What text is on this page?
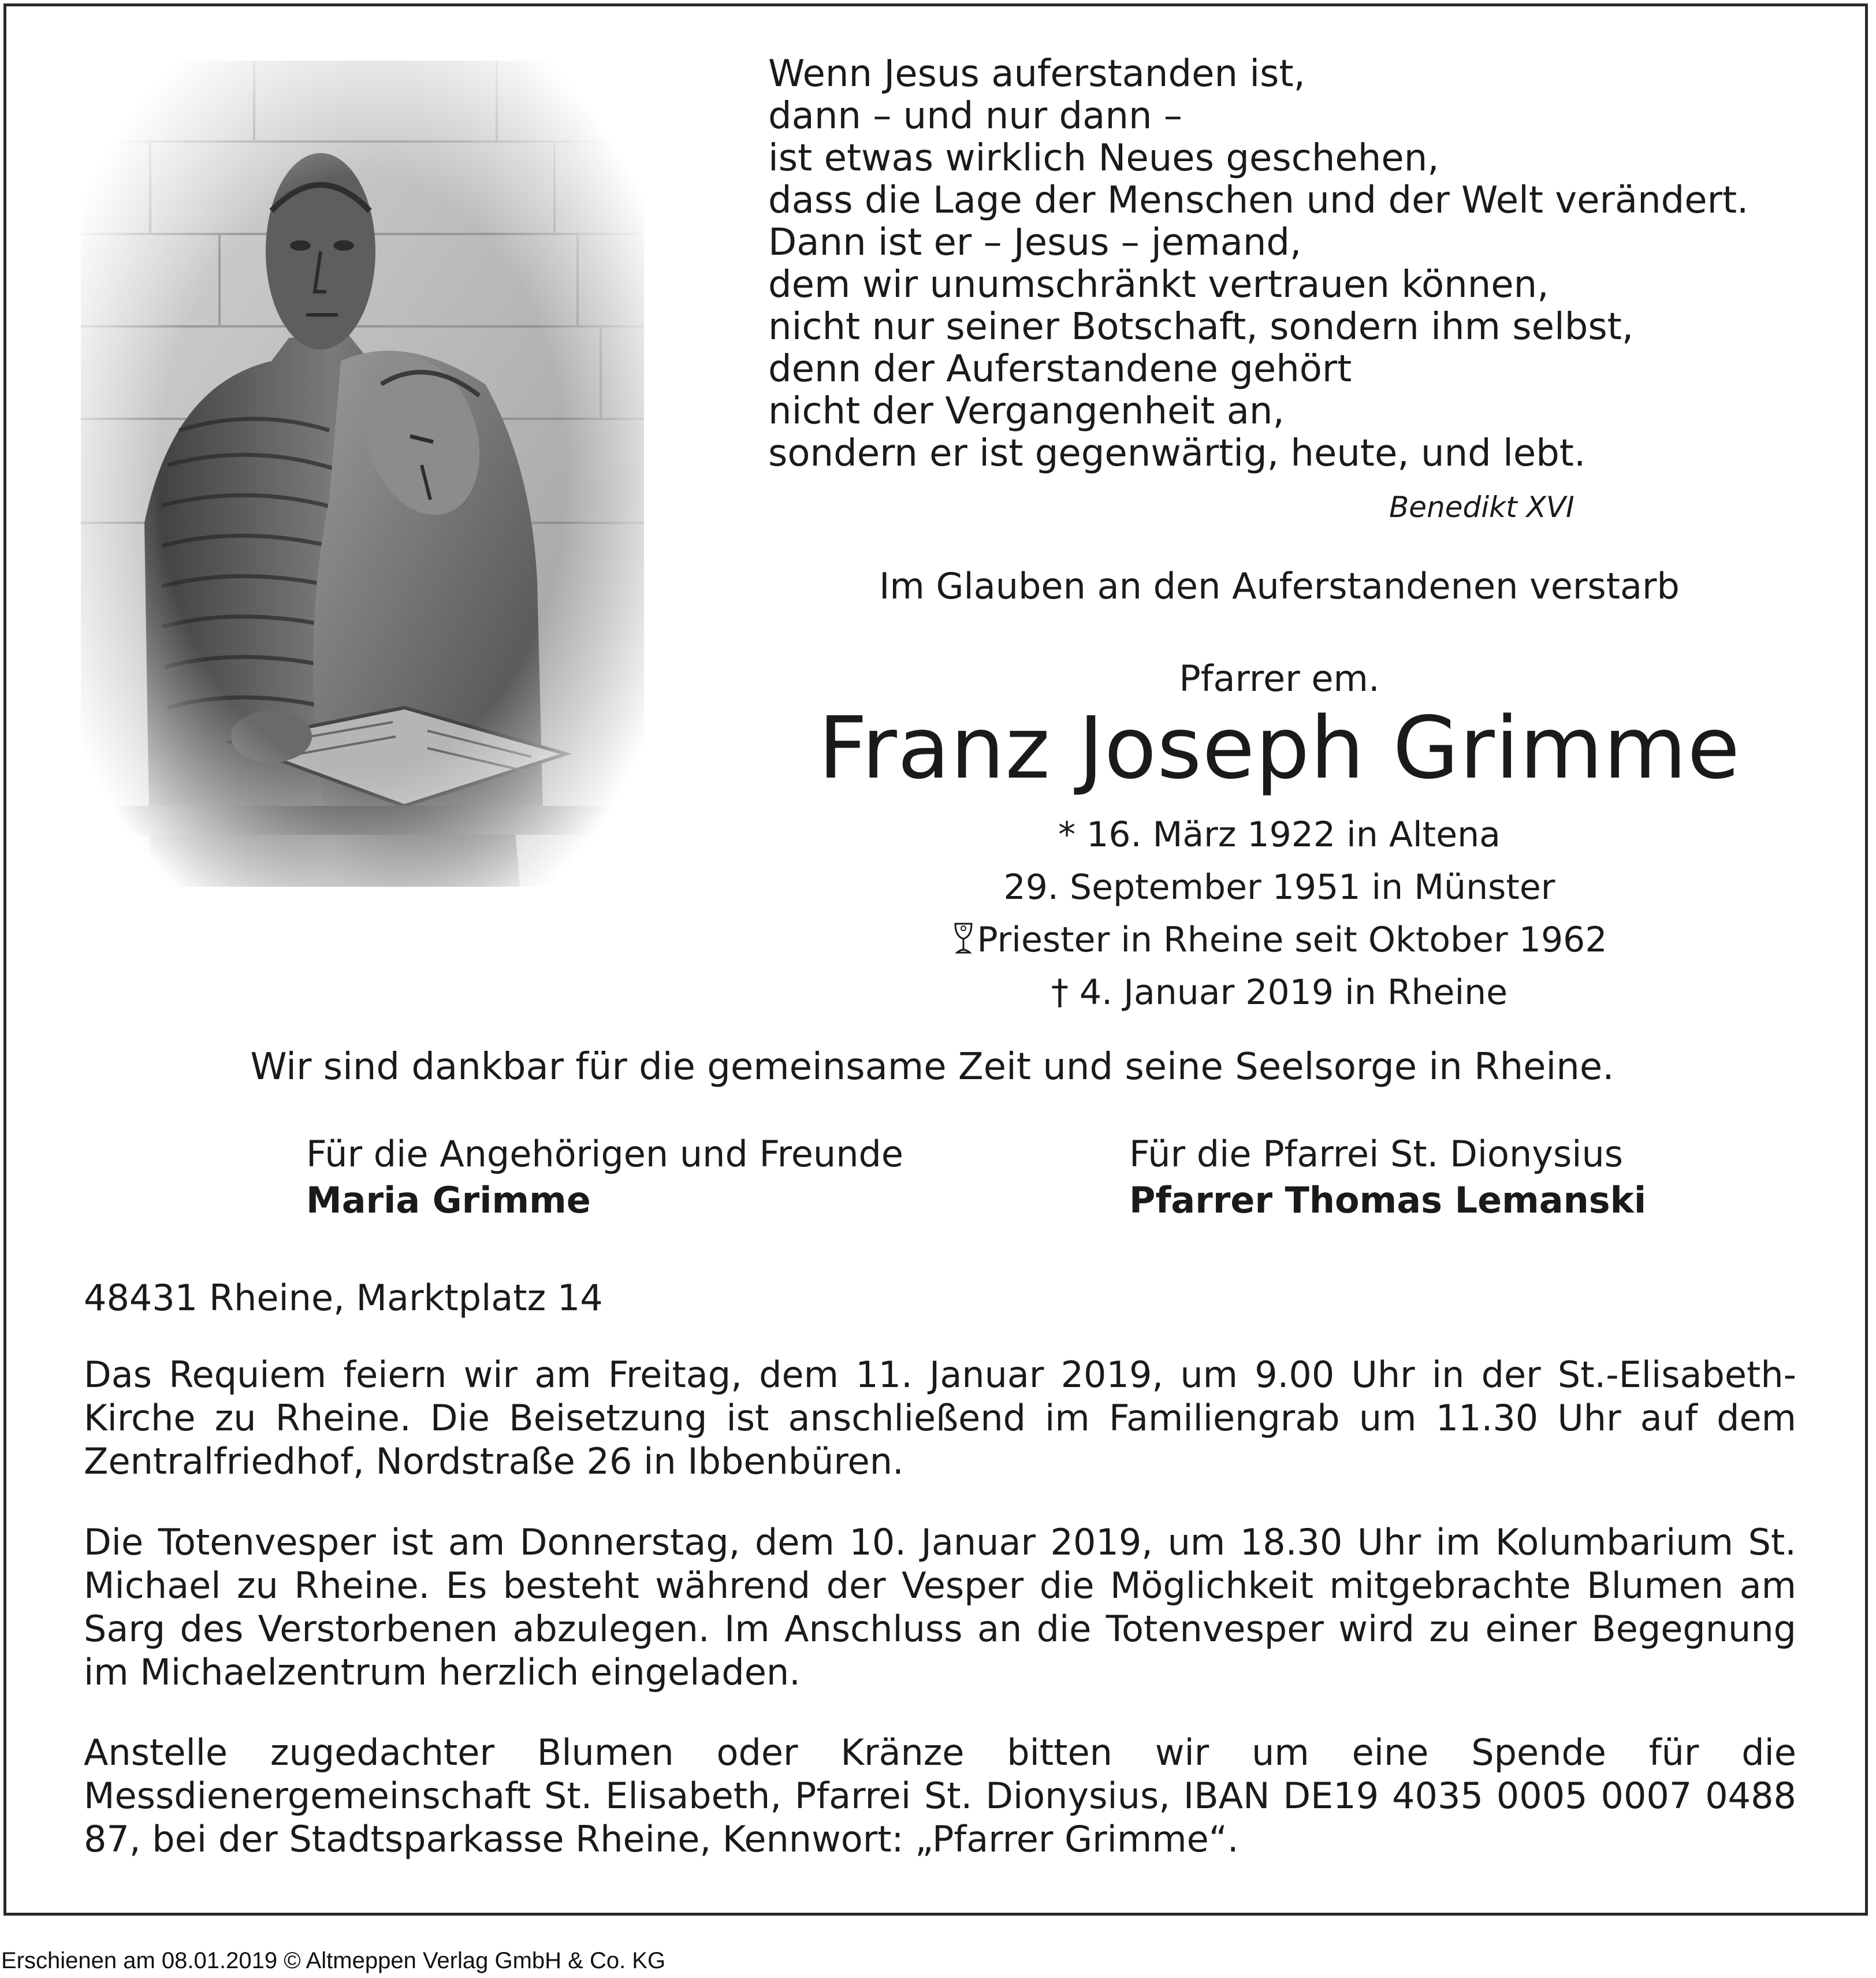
Wenn Jesus auferstanden ist,
dann – und nur dann –
ist etwas wirklich Neues geschehen,
dass die Lage der Menschen und der Welt verändert.
Dann ist er – Jesus – jemand,
dem wir unumschränkt vertrauen können,
nicht nur seiner Botschaft, sondern ihm selbst,
denn der Auferstandene gehört
nicht der Vergangenheit an,
sondern er ist gegenwärtig, heute, und lebt.
Benedikt XVI
Im Glauben an den Auferstandenen verstarb
Pfarrer em.
Franz Joseph Grimme
* 16. März 1922 in Altena
29. September 1951 in Münster
Priester in Rheine seit Oktober 1962
† 4. Januar 2019 in Rheine
Wir sind dankbar für die gemeinsame Zeit und seine Seelsorge in Rheine.
Für die Angehörigen und Freunde
Maria Grimme
Für die Pfarrei St. Dionysius
Pfarrer Thomas Lemanski
48431 Rheine, Marktplatz 14
Das Requiem feiern wir am Freitag, dem 11. Januar 2019, um 9.00 Uhr in der St.-Elisabeth-Kirche zu Rheine. Die Beisetzung ist anschließend im Familiengrab um 11.30 Uhr auf dem Zentralfriedhof, Nordstraße 26 in Ibbenbüren.
Die Totenvesper ist am Donnerstag, dem 10. Januar 2019, um 18.30 Uhr im Kolumbarium St. Michael zu Rheine. Es besteht während der Vesper die Möglichkeit mitgebrachte Blumen am Sarg des Verstorbenen abzulegen. Im Anschluss an die Totenvesper wird zu einer Begegnung im Michaelzentrum herzlich eingeladen.
Anstelle zugedachter Blumen oder Kränze bitten wir um eine Spende für die Messdienergemeinschaft St. Elisabeth, Pfarrei St. Dionysius, IBAN DE19 4035 0005 0007 0488 87, bei der Stadtsparkasse Rheine, Kennwort: „Pfarrer Grimme“.
Erschienen am 08.01.2019 © Altmeppen Verlag GmbH & Co. KG
